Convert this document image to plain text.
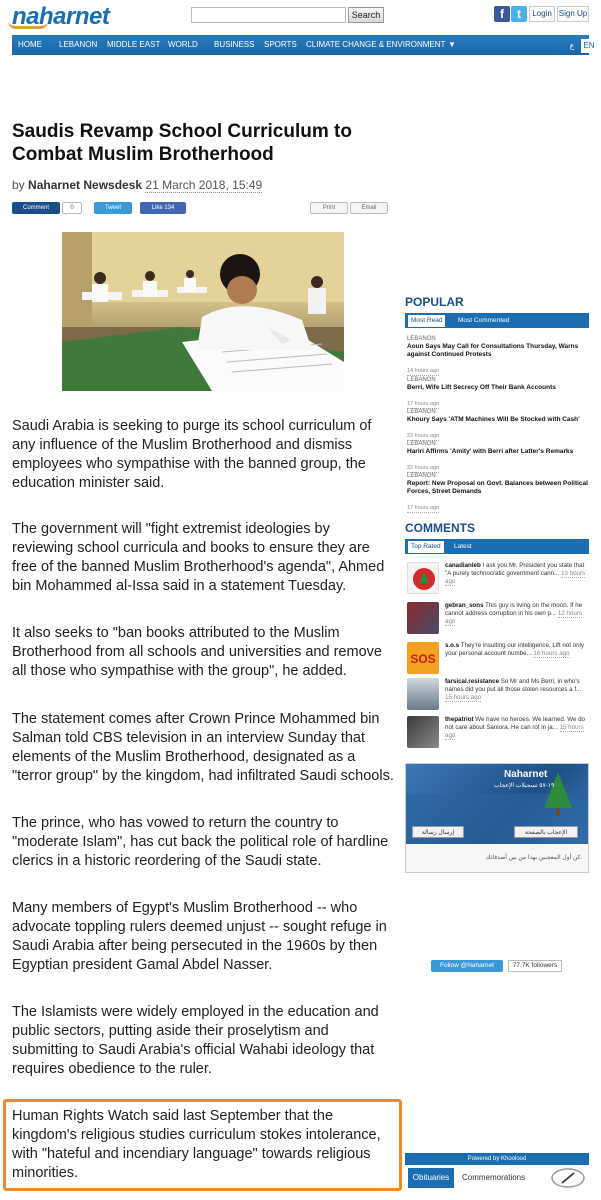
naharnet	Search	f	t	Login Sign Up
HOME LEBANON MIDDLE EAST WORLD BUSINESS SPORTS CLIMATE CHANGE & ENVIRONMENT ▼	ع	EN
Saudis Revamp School Curriculum to Combat Muslim Brotherhood
by Naharnet Newsdesk 21 March 2018, 15:49
Comment	0	Tweet	Like 134	Print	Email

Saudi Arabia is seeking to purge its school curriculum of any influence of the Muslim Brotherhood and dismiss employees who sympathise with the banned group, the education minister said.

The government will "fight extremist ideologies by reviewing school curricula and books to ensure they are free of the banned Muslim Brotherhood's agenda", Ahmed bin Mohammed al-Issa said in a statement Tuesday.

It also seeks to "ban books attributed to the Muslim Brotherhood from all schools and universities and remove all those who sympathise with the group", he added.

The statement comes after Crown Prince Mohammed bin Salman told CBS television in an interview Sunday that elements of the Muslim Brotherhood, designated as a "terror group" by the kingdom, had infiltrated Saudi schools.

The prince, who has vowed to return the country to "moderate Islam", has cut back the political role of hardline clerics in a historic reordering of the Saudi state.

Many members of Egypt's Muslim Brotherhood -- who advocate toppling rulers deemed unjust -- sought refuge in Saudi Arabia after being persecuted in the 1960s by then Egyptian president Gamal Abdel Nasser.

The Islamists were widely employed in the education and public sectors, putting aside their proselytism and submitting to Saudi Arabia's official Wahabi ideology that requires obedience to the ruler.

Human Rights Watch said last September that the kingdom's religious studies curriculum stokes intolerance, with "hateful and incendiary language" towards religious minorities.

POPULAR
Most Read	Most Commented
LEBANON
Aoun Says May Call for Consultations Thursday, Warns against Continued Protests
14 hours ago
LEBANON
Berri, Wife Lift Secrecy Off Their Bank Accounts
17 hours ago
LEBANON
Khoury Says 'ATM Machines Will Be Stocked with Cash'
23 hours ago
LEBANON
Hariri Affirms 'Amity' with Berri after Latter's Remarks
22 hours ago
LEBANON
Report: New Proposal on Govt. Balances between Political Forces, Street Demands
17 hours ago
COMMENTS
Top Rated	Latest
canadianleb I ask you Mr. President you state that "A purely technocratic government cann... 13 hours ago
gebran_sons This guy is living on the moon. If he cannot address corruption in his own p... 12 hours ago
SOS
s.o.s They're insulting our intelligence. Lift not only your personal account numbe... 16 hours ago
farsical.resistance So Mr and Ms Berri, in who's names did you put all those stolen resources a f... 15 hours ago
thepatriot We have no heroes. We learned. We do not care about Saniora. He can rot in ja... 15 hours ago
Naharnet
١٩-٥٧ تسجيلات الإعجاب
الإعجاب بالصفحة
إرسال رسالة
كن أول المعجبين بهذا من بين أصدقائك.
Follow @Naharnet	77.7K followers
Powered by Khoolood
Obituaries	Commemorations
